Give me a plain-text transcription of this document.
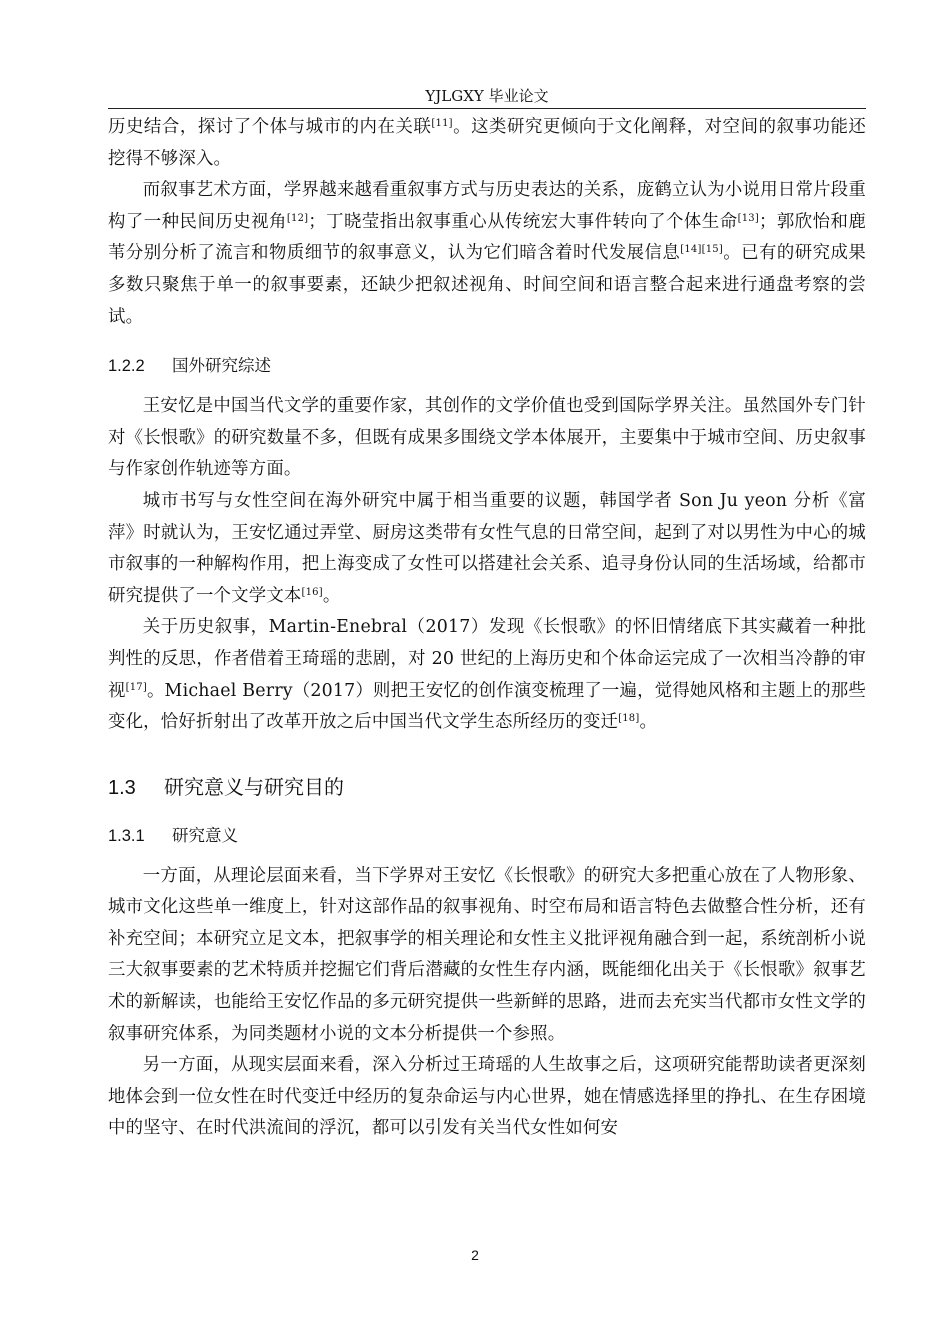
YJLGXY 毕业论文

历史结合，探讨了个体与城市的内在关联[11]。这类研究更倾向于文化阐释，对空间的叙事功能还挖得不够深入。

而叙事艺术方面，学界越来越看重叙事方式与历史表达的关系，庞鹤立认为小说用日常片段重构了一种民间历史视角[12]；丁晓莹指出叙事重心从传统宏大事件转向了个体生命[13]；郭欣怡和鹿苇分别分析了流言和物质细节的叙事意义，认为它们暗含着时代发展信息[14][15]。已有的研究成果多数只聚焦于单一的叙事要素，还缺少把叙述视角、时间空间和语言整合起来进行通盘考察的尝试。

1.2.2 国外研究综述

王安忆是中国当代文学的重要作家，其创作的文学价值也受到国际学界关注。虽然国外专门针对《长恨歌》的研究数量不多，但既有成果多围绕文学本体展开，主要集中于城市空间、历史叙事与作家创作轨迹等方面。

城市书写与女性空间在海外研究中属于相当重要的议题，韩国学者 Son Ju yeon 分析《富萍》时就认为，王安忆通过弄堂、厨房这类带有女性气息的日常空间，起到了对以男性为中心的城市叙事的一种解构作用，把上海变成了女性可以搭建社会关系、追寻身份认同的生活场域，给都市研究提供了一个文学文本[16]。

关于历史叙事，Martin-Enebral（2017）发现《长恨歌》的怀旧情绪底下其实藏着一种批判性的反思，作者借着王琦瑶的悲剧，对 20 世纪的上海历史和个体命运完成了一次相当冷静的审视[17]。Michael Berry（2017）则把王安忆的创作演变梳理了一遍，觉得她风格和主题上的那些变化，恰好折射出了改革开放之后中国当代文学生态所经历的变迁[18]。

1.3 研究意义与研究目的
1.3.1 研究意义

一方面，从理论层面来看，当下学界对王安忆《长恨歌》的研究大多把重心放在了人物形象、城市文化这些单一维度上，针对这部作品的叙事视角、时空布局和语言特色去做整合性分析，还有补充空间；本研究立足文本，把叙事学的相关理论和女性主义批评视角融合到一起，系统剖析小说三大叙事要素的艺术特质并挖掘它们背后潜藏的女性生存内涵，既能细化出关于《长恨歌》叙事艺术的新解读，也能给王安忆作品的多元研究提供一些新鲜的思路，进而去充实当代都市女性文学的叙事研究体系，为同类题材小说的文本分析提供一个参照。

另一方面，从现实层面来看，深入分析过王琦瑶的人生故事之后，这项研究能帮助读者更深刻地体会到一位女性在时代变迁中经历的复杂命运与内心世界，她在情感选择里的挣扎、在生存困境中的坚守、在时代洪流间的浮沉，都可以引发有关当代女性如何安

2
